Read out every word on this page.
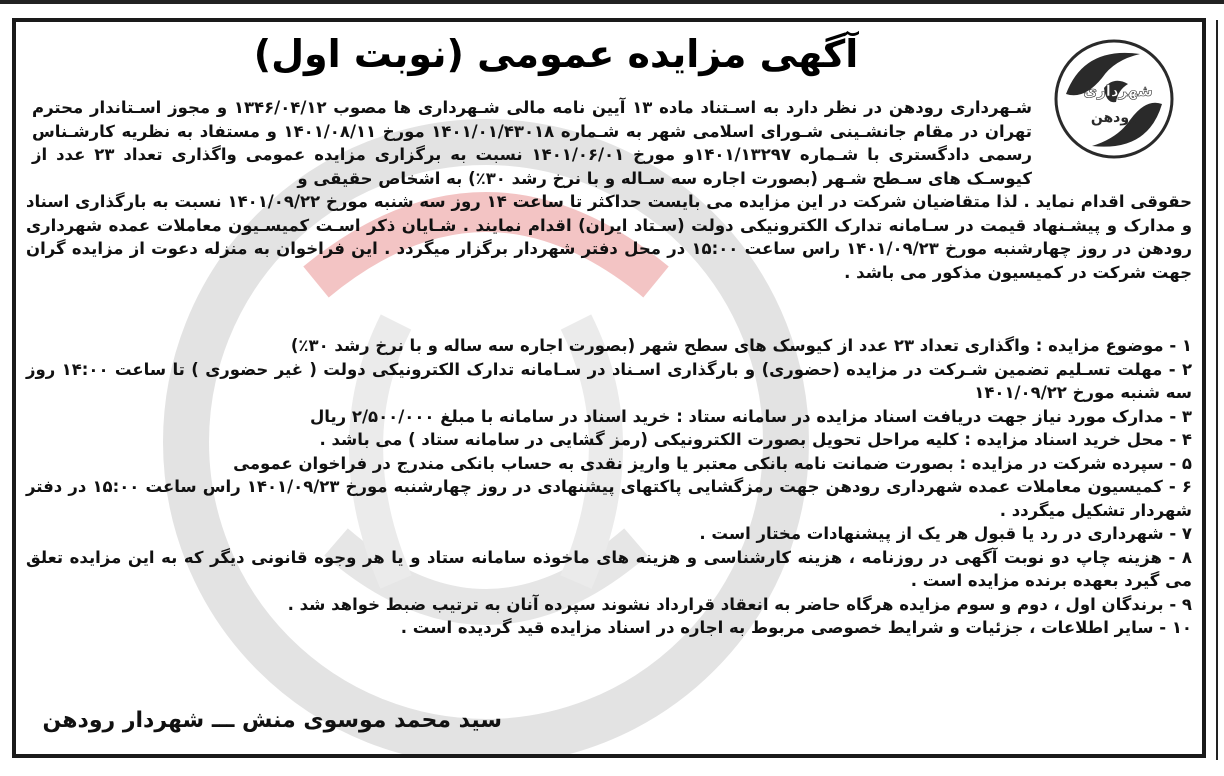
شهرداری
رودهن
آگهی مزایده عمومی (نوبت اول)

شـهرداری رودهن در نظر دارد به اسـتناد ماده ۱۳ آیین نامه مالی شـهرداری ها مصوب ۱۳۴۶/۰۴/۱۲ و مجوز اسـتاندار محترم تهران در مقام جانشـینی شـورای اسلامی شهر به شـماره ۱۴۰۱/۰۱/۴۳۰۱۸ مورخ ۱۴۰۱/۰۸/۱۱ و مستفاد به نظریه کارشـناس رسمی دادگستری با شـماره ۱۴۰۱/۱۳۲۹۷و مورخ ۱۴۰۱/۰۶/۰۱ نسبت به برگزاری مزایده عمومی واگذاری تعداد ۲۳ عدد از کیوسـک های سـطح شـهر (بصورت اجاره سه سـاله و با نرخ رشد ۳۰٪) به اشخاص حقیقی و

حقوقی اقدام نماید . لذا متقاضیان شرکت در این مزایده می بایست حداکثر تا ساعت ۱۴ روز سه شنبه مورخ ۱۴۰۱/۰۹/۲۲ نسبت به بارگذاری اسناد و مدارک و پیشـنهاد قیمت در سـامانه تدارک الکترونیکی دولت (سـتاد ایران) اقدام نمایند . شـایان ذکر اسـت کمیسـیون معاملات عمده شهرداری رودهن در روز چهارشنبه مورخ ۱۴۰۱/۰۹/۲۳ راس ساعت ۱۵:۰۰ در محل دفتر شهردار برگزار میگردد . این فراخوان به منزله دعوت از مزایده گران جهت شرکت در کمیسیون مذکور می باشد .

۱ - موضوع مزایده : واگذاری تعداد ۲۳ عدد از کیوسک های سطح شهر (بصورت اجاره سه ساله و با نرخ رشد ۳۰٪)
۲ - مهلت تسـلیم تضمین شـرکت در مزایده (حضوری) و بارگذاری اسـناد در سـامانه تدارک الکترونیکی دولت ( غیر حضوری ) تا ساعت ۱۴:۰۰ روز سه شنبه مورخ ۱۴۰۱/۰۹/۲۲
۳ - مدارک مورد نیاز جهت دریافت اسناد مزایده در سامانه ستاد : خرید اسناد در سامانه با مبلغ ۲/۵۰۰/۰۰۰ ریال
۴ - محل خرید اسناد مزایده : کلیه مراحل تحویل بصورت الکترونیکی (رمز گشایی در سامانه ستاد ) می باشد .
۵ - سپرده شرکت در مزایده : بصورت ضمانت نامه بانکی معتبر یا واریز نقدی به حساب بانکی مندرج در فراخوان عمومی
۶ - کمیسیون معاملات عمده شهرداری رودهن جهت رمزگشایی پاکتهای پیشنهادی در روز چهارشنبه مورخ ۱۴۰۱/۰۹/۲۳ راس ساعت ۱۵:۰۰ در دفتر شهردار تشکیل میگردد .
۷ - شهرداری در رد یا قبول هر یک از پیشنهادات مختار است .
۸ - هزینه چاپ دو نوبت آگهی در روزنامه ، هزینه کارشناسی و هزینه های ماخوذه سامانه ستاد و یا هر وجوه قانونی دیگر که به این مزایده تعلق می گیرد بعهده برنده مزایده است .
۹ - برندگان اول ، دوم و سوم مزایده هرگاه حاضر به انعقاد قرارداد نشوند سپرده آنان به ترتیب ضبط خواهد شد .
۱۰ - سایر اطلاعات ، جزئیات و شرایط خصوصی مربوط به اجاره در اسناد مزایده قید گردیده است .

سید محمد موسوی منش ـــ شهردار رودهن
